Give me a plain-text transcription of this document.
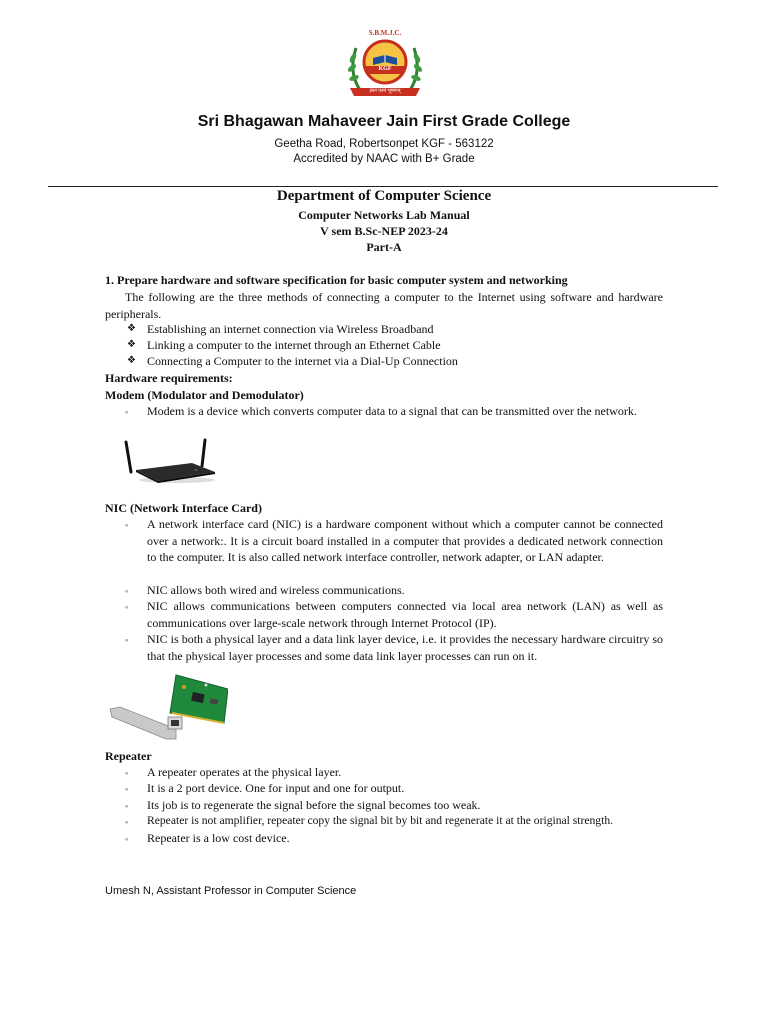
S.B.M.J.C.
KGF
ज्ञानं परमं भूषणम्
Sri Bhagawan Mahaveer Jain First Grade College
Geetha Road, Robertsonpet KGF - 563122
Accredited by NAAC with B+ Grade
Department of Computer Science
Computer Networks Lab Manual
V sem B.Sc-NEP 2023-24
Part-A
1. Prepare hardware and software specification for basic computer system and networking
The following are the three methods of connecting a computer to the Internet using software and hardware peripherals.
❖ Establishing an internet connection via Wireless Broadband
❖ Linking a computer to the internet through an Ethernet Cable
❖ Connecting a Computer to the internet via a Dial-Up Connection
Hardware requirements:
Modem (Modulator and Demodulator)
◦	Modem is a device which converts computer data to a signal that can be transmitted over the network.
NIC (Network Interface Card)
◦	A network interface card (NIC) is a hardware component without which a computer cannot be connected over a network:. It is a circuit board installed in a computer that provides a dedicated network connection to the computer. It is also called network interface controller, network adapter, or LAN adapter.
◦	NIC allows both wired and wireless communications.
◦	NIC allows communications between computers connected via local area network (LAN) as well as communications over large-scale network through Internet Protocol (IP).
◦	NIC is both a physical layer and a data link layer device, i.e. it provides the necessary hardware circuitry so that the physical layer processes and some data link layer processes can run on it.
Repeater
◦	A repeater operates at the physical layer.
◦	It is a 2 port device. One for input and one for output.
◦	Its job is to regenerate the signal before the signal becomes too weak.
◦	Repeater is not amplifier, repeater copy the signal bit by bit and regenerate it at the original strength.
◦	Repeater is a low cost device.
Umesh N, Assistant Professor in Computer Science
